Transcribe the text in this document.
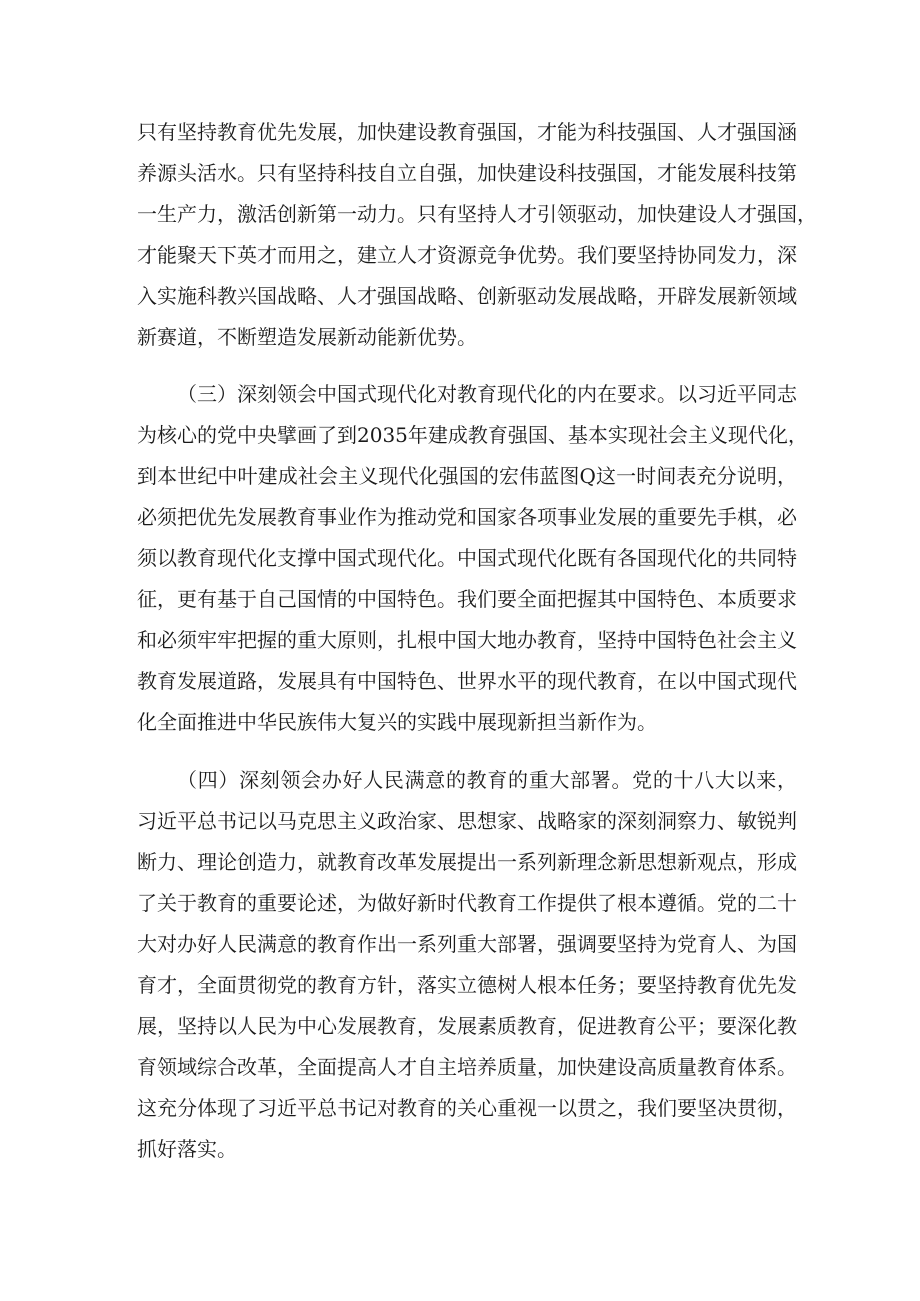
只有坚持教育优先发展，加快建设教育强国，才能为科技强国、人才强国涵
养源头活水。只有坚持科技自立自强，加快建设科技强国，才能发展科技第
一生产力，激活创新第一动力。只有坚持人才引领驱动，加快建设人才强国，
才能聚天下英才而用之，建立人才资源竞争优势。我们要坚持协同发力，深
入实施科教兴国战略、人才强国战略、创新驱动发展战略，开辟发展新领域
新赛道，不断塑造发展新动能新优势。
（三）深刻领会中国式现代化对教育现代化的内在要求。以习近平同志
为核心的党中央擘画了到2035年建成教育强国、基本实现社会主义现代化，
到本世纪中叶建成社会主义现代化强国的宏伟蓝图Q这一时间表充分说明，
必须把优先发展教育事业作为推动党和国家各项事业发展的重要先手棋，必
须以教育现代化支撑中国式现代化。中国式现代化既有各国现代化的共同特
征，更有基于自己国情的中国特色。我们要全面把握其中国特色、本质要求
和必须牢牢把握的重大原则，扎根中国大地办教育，坚持中国特色社会主义
教育发展道路，发展具有中国特色、世界水平的现代教育，在以中国式现代
化全面推进中华民族伟大复兴的实践中展现新担当新作为。
（四）深刻领会办好人民满意的教育的重大部署。党的十八大以来，
习近平总书记以马克思主义政治家、思想家、战略家的深刻洞察力、敏锐判
断力、理论创造力，就教育改革发展提出一系列新理念新思想新观点，形成
了关于教育的重要论述，为做好新时代教育工作提供了根本遵循。党的二十
大对办好人民满意的教育作出一系列重大部署，强调要坚持为党育人、为国
育才，全面贯彻党的教育方针，落实立德树人根本任务；要坚持教育优先发
展，坚持以人民为中心发展教育，发展素质教育，促进教育公平；要深化教
育领域综合改革，全面提高人才自主培养质量，加快建设高质量教育体系。
这充分体现了习近平总书记对教育的关心重视一以贯之，我们要坚决贯彻，
抓好落实。
